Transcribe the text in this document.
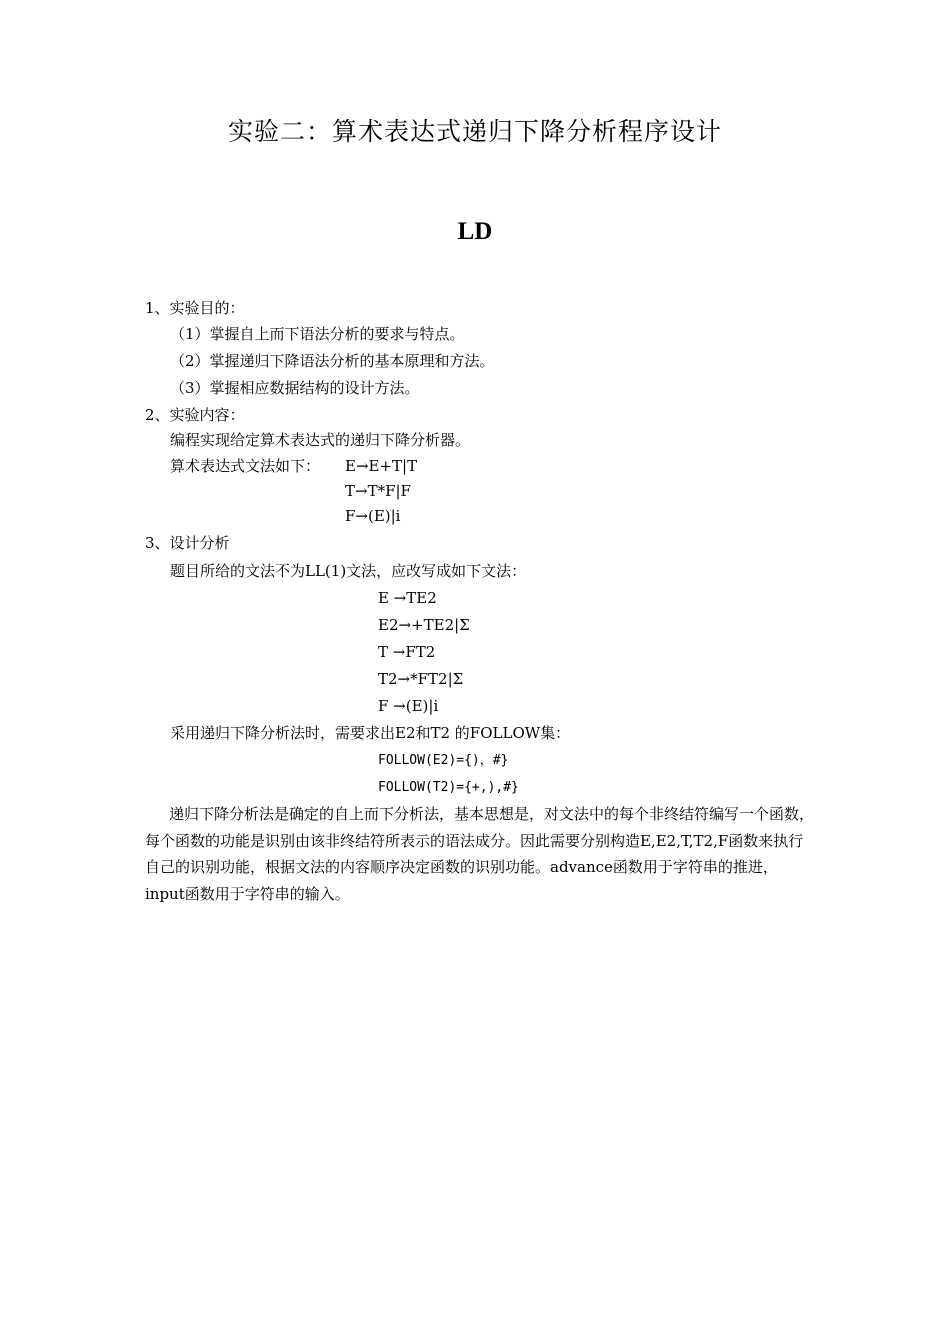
实验二：算术表达式递归下降分析程序设计
LD
1、实验目的：
（1）掌握自上而下语法分析的要求与特点。
（2）掌握递归下降语法分析的基本原理和方法。
（3）掌握相应数据结构的设计方法。
2、实验内容：
编程实现给定算术表达式的递归下降分析器。
算术表达式文法如下： E→E+T|T
T→T*F|F
F→(E)|i
3、设计分析
题目所给的文法不为LL(1)文法，应改写成如下文法：
E →TE2
E2→+TE2|Σ
T →FT2
T2→*FT2|Σ
F →(E)|i
采用递归下降分析法时，需要求出E2和T2 的FOLLOW集：
FOLLOW(E2)={)，#}
FOLLOW(T2)={+,),#}
递归下降分析法是确定的自上而下分析法，基本思想是，对文法中的每个非终结符编写一个函数，每个函数的功能是识别由该非终结符所表示的语法成分。因此需要分别构造E,E2,T,T2,F函数来执行自己的识别功能，根据文法的内容顺序决定函数的识别功能。advance函数用于字符串的推进，input函数用于字符串的输入。
